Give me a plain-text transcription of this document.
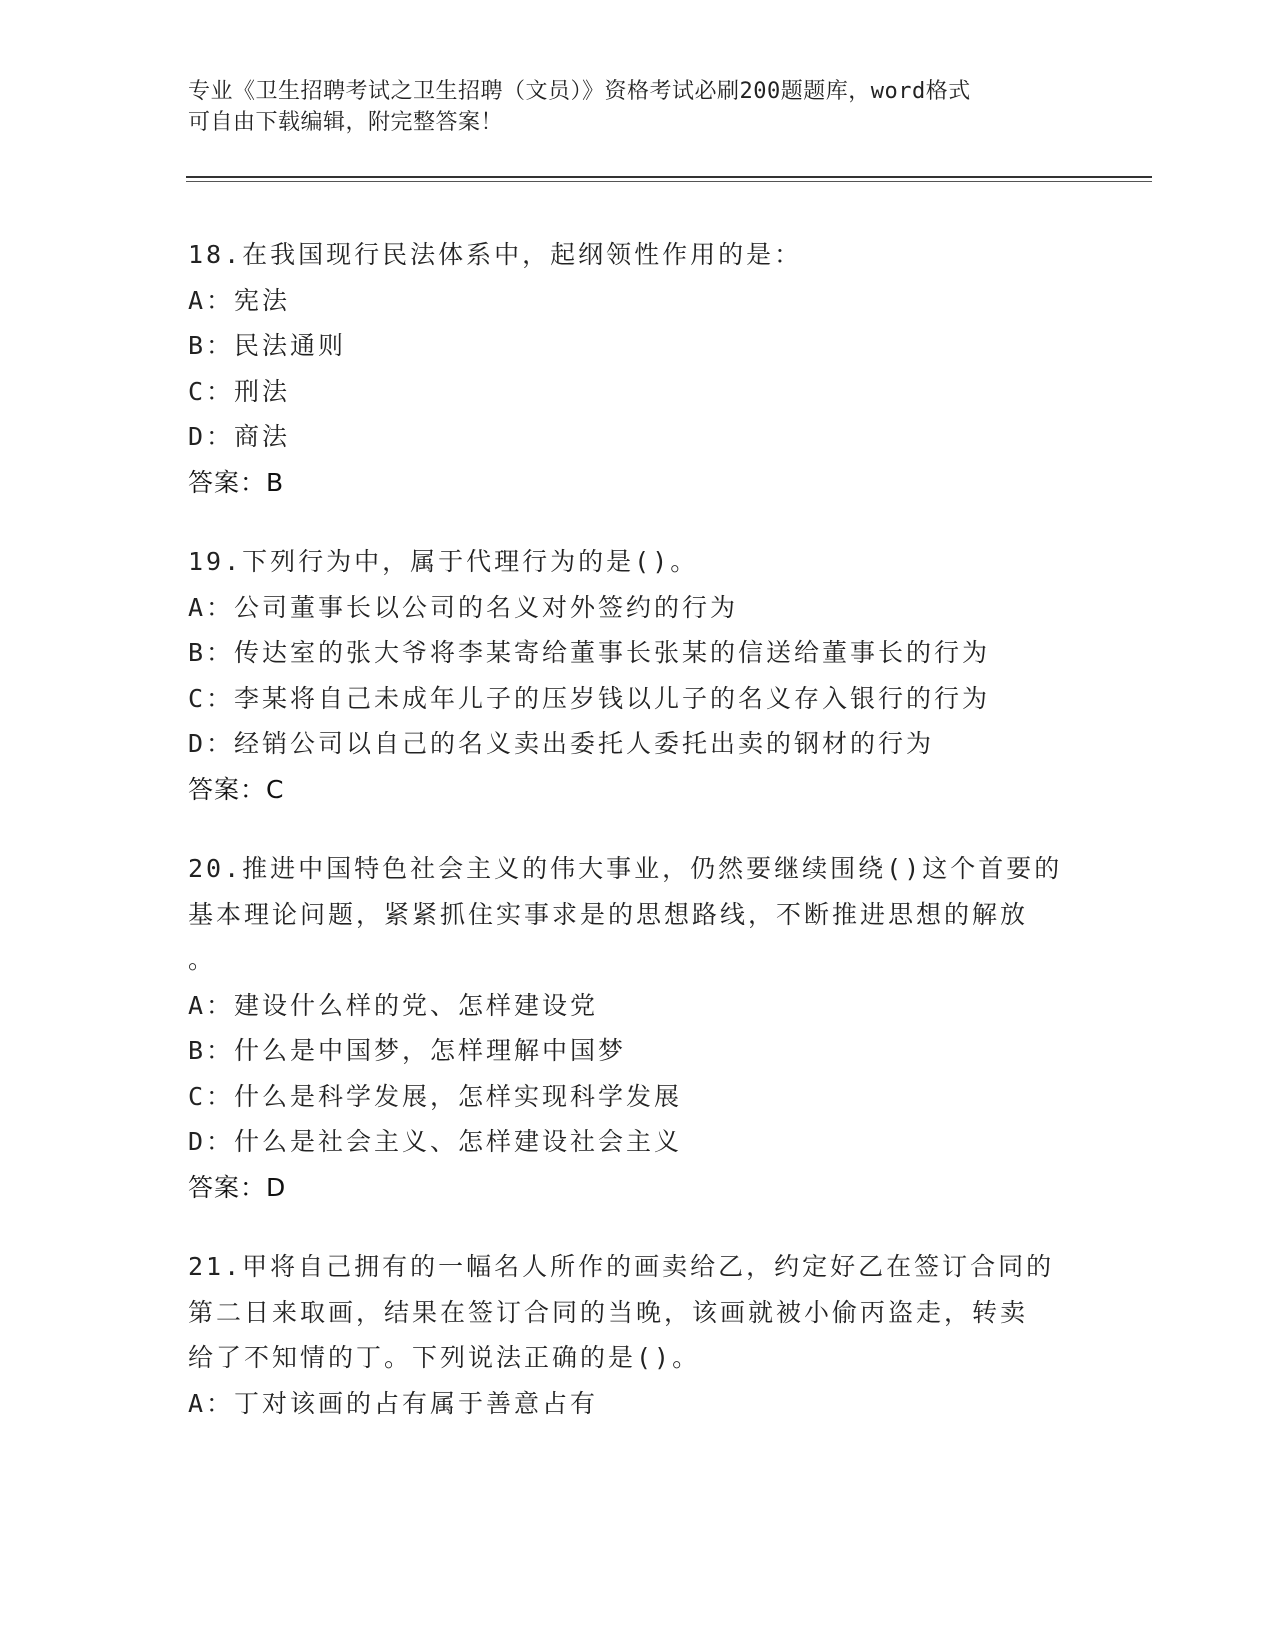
专业《卫生招聘考试之卫生招聘（文员）》资格考试必刷200题题库，word格式
可自由下载编辑，附完整答案！
18.在我国现行民法体系中，起纲领性作用的是：
A：宪法
B：民法通则
C：刑法
D：商法
答案：B
19.下列行为中，属于代理行为的是()。
A：公司董事长以公司的名义对外签约的行为
B：传达室的张大爷将李某寄给董事长张某的信送给董事长的行为
C：李某将自己未成年儿子的压岁钱以儿子的名义存入银行的行为
D：经销公司以自己的名义卖出委托人委托出卖的钢材的行为
答案：C
20.推进中国特色社会主义的伟大事业，仍然要继续围绕()这个首要的
基本理论问题，紧紧抓住实事求是的思想路线，不断推进思想的解放
。
A：建设什么样的党、怎样建设党
B：什么是中国梦，怎样理解中国梦
C：什么是科学发展，怎样实现科学发展
D：什么是社会主义、怎样建设社会主义
答案：D
21.甲将自己拥有的一幅名人所作的画卖给乙，约定好乙在签订合同的
第二日来取画，结果在签订合同的当晚，该画就被小偷丙盗走，转卖
给了不知情的丁。下列说法正确的是()。
A：丁对该画的占有属于善意占有
